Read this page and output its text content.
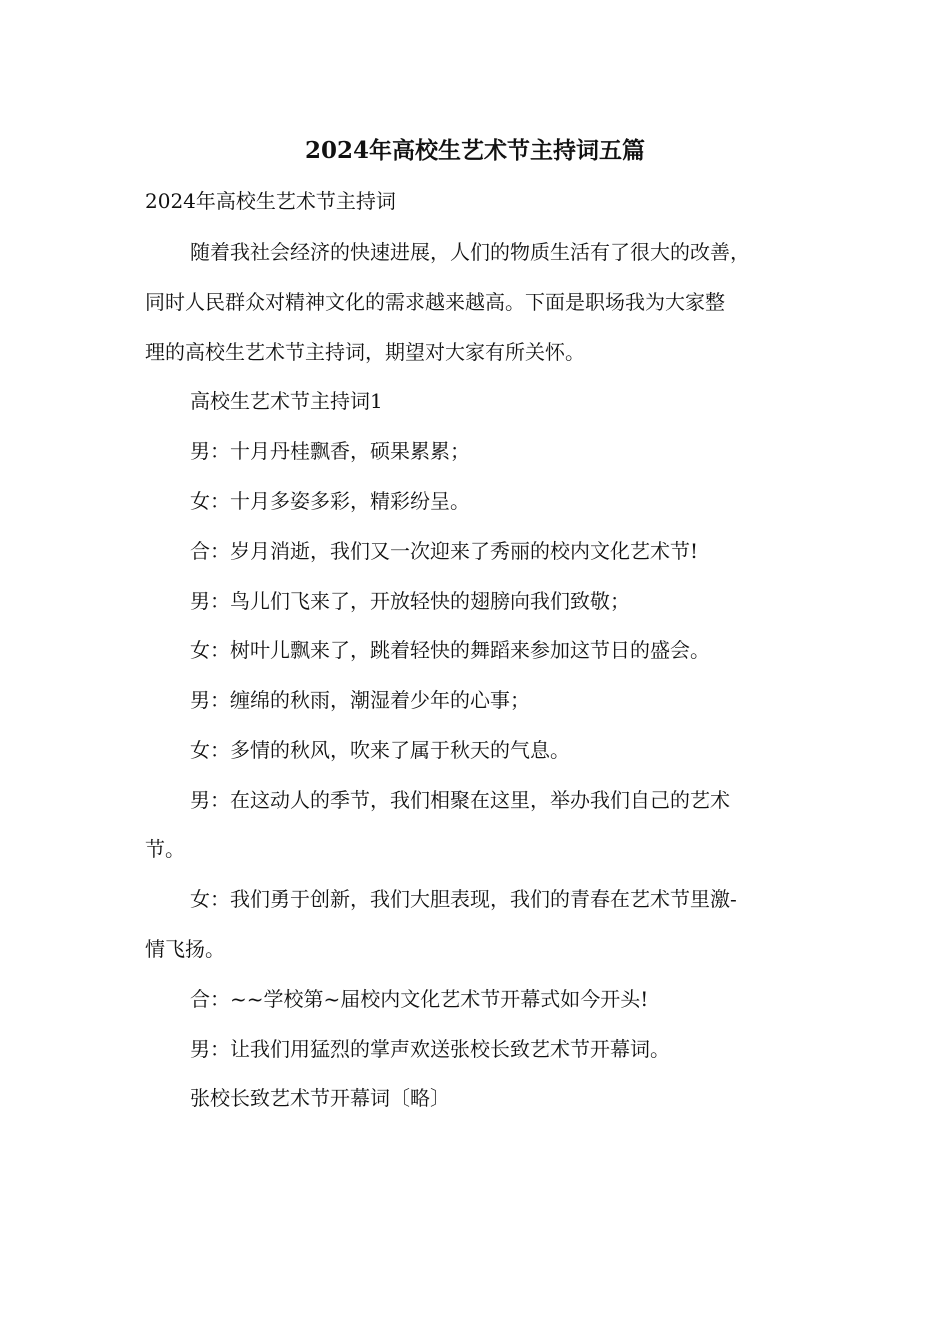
2024年高校生艺术节主持词五篇
2024年高校生艺术节主持词
随着我社会经济的快速进展，人们的物质生活有了很大的改善，
同时人民群众对精神文化的需求越来越高。下面是职场我为大家整
理的高校生艺术节主持词，期望对大家有所关怀。
高校生艺术节主持词1
男：十月丹桂飘香，硕果累累；
女：十月多姿多彩，精彩纷呈。
合：岁月消逝，我们又一次迎来了秀丽的校内文化艺术节!
男：鸟儿们飞来了，开放轻快的翅膀向我们致敬；
女：树叶儿飘来了，跳着轻快的舞蹈来参加这节日的盛会。
男：缠绵的秋雨，潮湿着少年的心事；
女：多情的秋风，吹来了属于秋天的气息。
男：在这动人的季节，我们相聚在这里，举办我们自己的艺术
节。
女：我们勇于创新，我们大胆表现，我们的青春在艺术节里激-
情飞扬。
合：~~学校第~届校内文化艺术节开幕式如今开头!
男：让我们用猛烈的掌声欢送张校长致艺术节开幕词。
张校长致艺术节开幕词〔略〕
